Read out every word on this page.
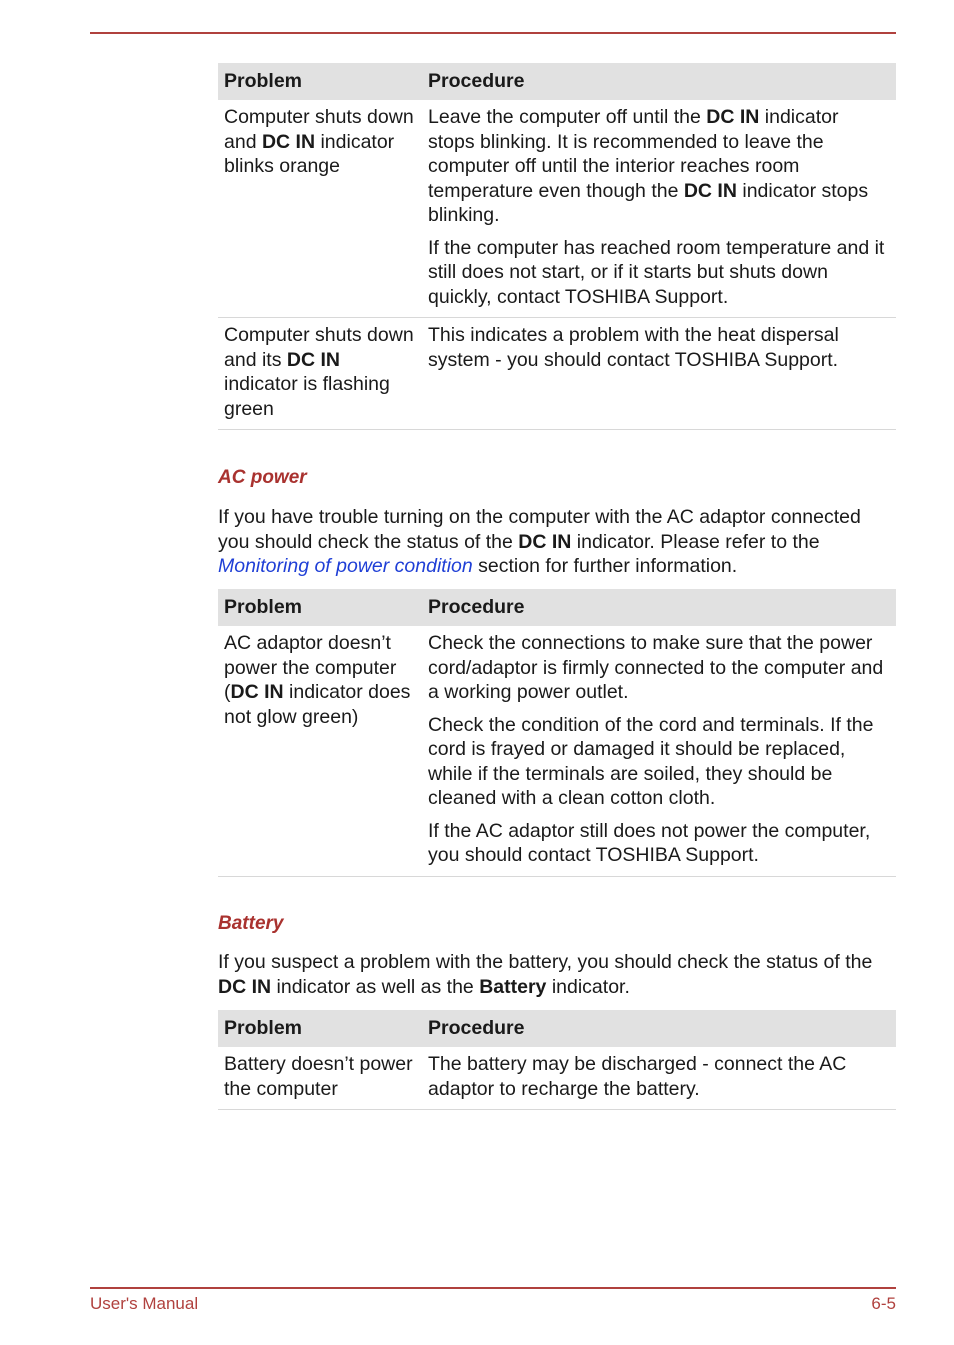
Problem	Procedure
Computer shuts down and DC IN indicator blinks orange	Leave the computer off until the DC IN indicator stops blinking. It is recommended to leave the computer off until the interior reaches room temperature even though the DC IN indicator stops blinking.

If the computer has reached room temperature and it still does not start, or if it starts but shuts down quickly, contact TOSHIBA Support.

Computer shuts down and its DC IN indicator is flashing green	This indicates a problem with the heat dispersal system - you should contact TOSHIBA Support.

AC power

If you have trouble turning on the computer with the AC adaptor connected you should check the status of the DC IN indicator. Please refer to the Monitoring of power condition section for further information.

Problem	Procedure
AC adaptor doesn’t power the computer (DC IN indicator does not glow green)	Check the connections to make sure that the power cord/adaptor is firmly connected to the computer and a working power outlet.

Check the condition of the cord and terminals. If the cord is frayed or damaged it should be replaced, while if the terminals are soiled, they should be cleaned with a clean cotton cloth.

If the AC adaptor still does not power the computer, you should contact TOSHIBA Support.

Battery

If you suspect a problem with the battery, you should check the status of the DC IN indicator as well as the Battery indicator.

Problem	Procedure
Battery doesn’t power the computer	The battery may be discharged - connect the AC adaptor to recharge the battery.

User's Manual	6-5
